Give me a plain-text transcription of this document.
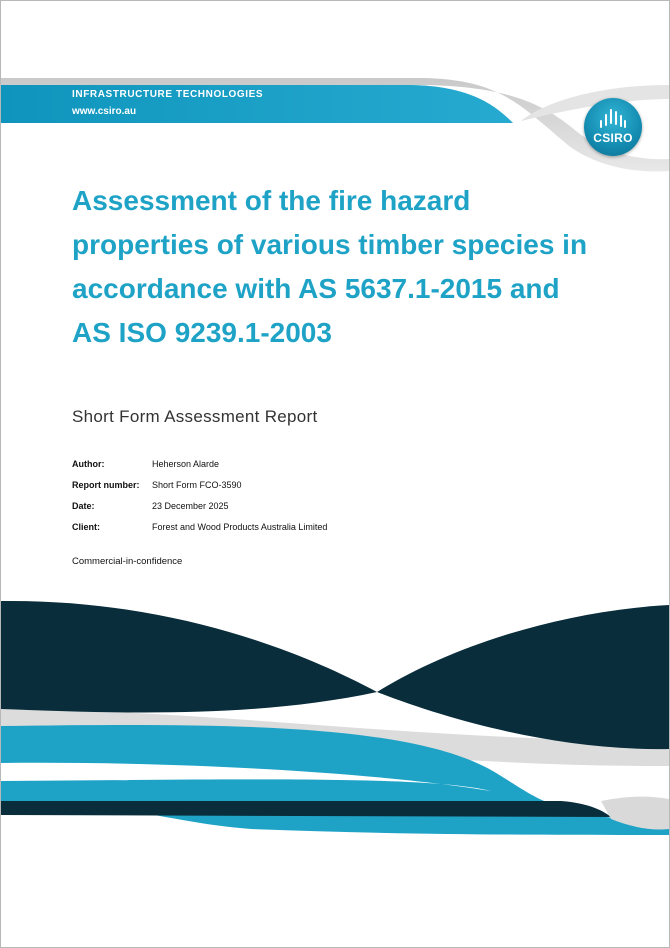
INFRASTRUCTURE TECHNOLOGIES
www.csiro.au
CSIRO
Assessment of the fire hazard properties of various timber species in accordance with AS 5637.1-2015 and AS ISO 9239.1-2003
Short Form Assessment Report
Author:	Heherson Alarde
Report number: Short Form FCO-3590
Date:	23 December 2025
Client:	Forest and Wood Products Australia Limited
Commercial-in-confidence
